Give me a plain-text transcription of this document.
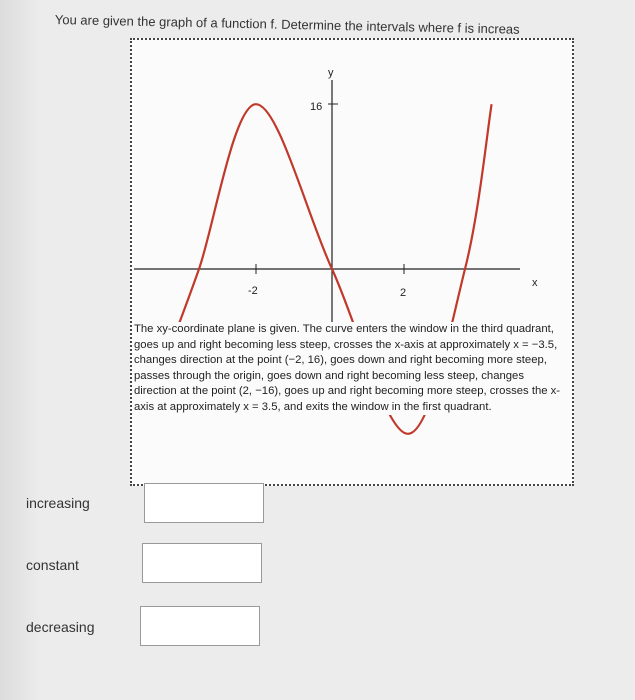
You are given the graph of a function f. Determine the intervals where f is increas
x
y
16
-2	2
The xy-coordinate plane is given. The curve enters the window in the third quadrant, goes up and right becoming less steep, crosses the x-axis at approximately x = −3.5, changes direction at the point (−2, 16), goes down and right becoming more steep, passes through the origin, goes down and right becoming less steep, changes direction at the point (2, −16), goes up and right becoming more steep, crosses the x-axis at approximately x = 3.5, and exits the window in the first quadrant.
increasing
constant
decreasing
